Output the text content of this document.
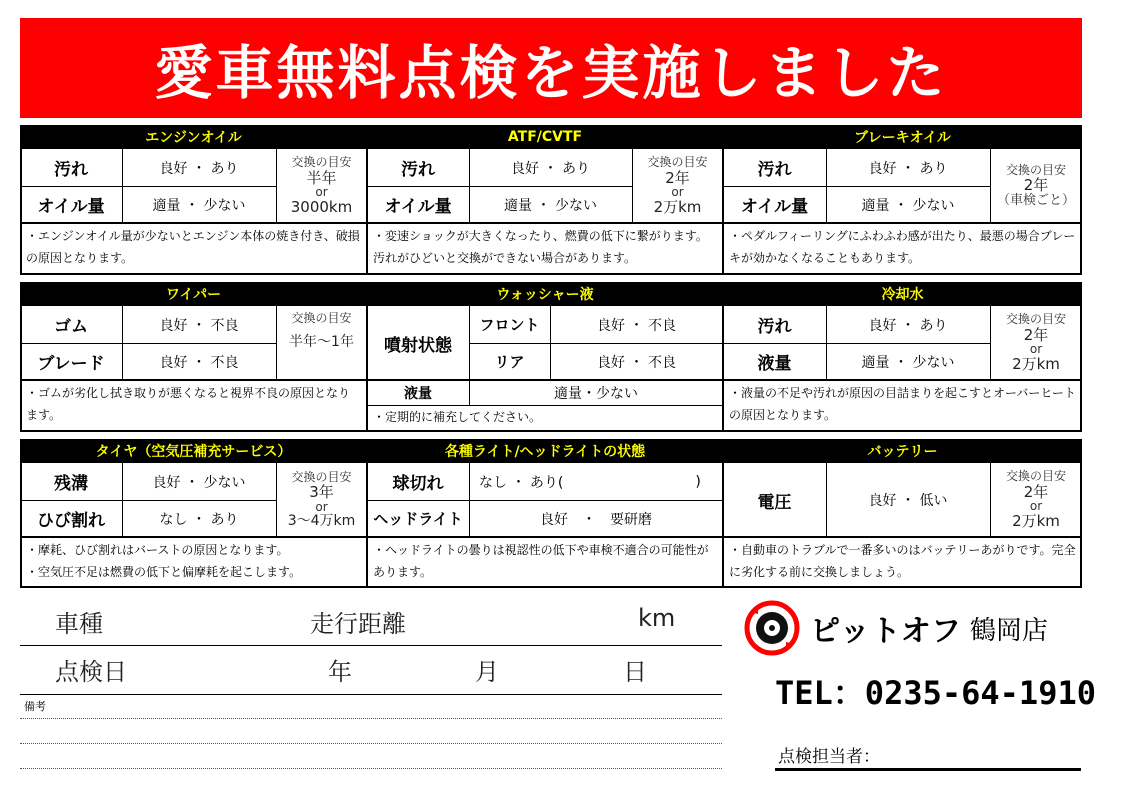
愛車無料点検を実施しました
エンジンオイル	ATF/CVTF	ブレーキオイル
汚れ	良好 ・ あり
オイル量	適量 ・ 少ない
交換の目安
半年
or
3000km
・エンジンオイル量が少ないとエンジン本体の焼き付き、破損の原因となります。
汚れ	良好 ・ あり
オイル量	適量 ・ 少ない
交換の目安
2年
or
2万km
・変速ショックが大きくなったり、燃費の低下に繋がります。汚れがひどいと交換ができない場合があります。
汚れ	良好 ・ あり
オイル量	適量 ・ 少ない
交換の目安
2年
（車検ごと）
・ペダルフィーリングにふわふわ感が出たり、最悪の場合ブレーキが効かなくなることもあります。
ワイパー	ウォッシャー液	冷却水
ゴム	良好 ・ 不良
ブレード	良好 ・ 不良
交換の目安
半年～1年
・ゴムが劣化し拭き取りが悪くなると視界不良の原因となります。
噴射状態
フロント	良好 ・ 不良
リア	良好 ・ 不良
液量	適量・少ない
・定期的に補充してください。
汚れ	良好 ・ あり
液量	適量 ・ 少ない
交換の目安
2年
or
2万km
・液量の不足や汚れが原因の目詰まりを起こすとオーバーヒートの原因となります。
タイヤ（空気圧補充サービス）	各種ライト/ヘッドライトの状態	バッテリー
残溝	良好 ・ 少ない
ひび割れ	なし ・ あり
交換の目安
3年
or
3～4万km
・摩耗、ひび割れはバーストの原因となります。
・空気圧不足は燃費の低下と偏摩耗を起こします。
球切れ	なし ・ あり(	)
ヘッドライト	良好　・　要研磨
・ヘッドライトの曇りは視認性の低下や車検不適合の可能性があります。
電圧	良好 ・ 低い
交換の目安
2年
or
2万km
・自動車のトラブルで一番多いのはバッテリーあがりです。完全に劣化する前に交換しましょう。
車種	走行距離	km
点検日	年	月	日
備考
ピットオフ 鶴岡店
TEL：0235-64-1910
点検担当者：
